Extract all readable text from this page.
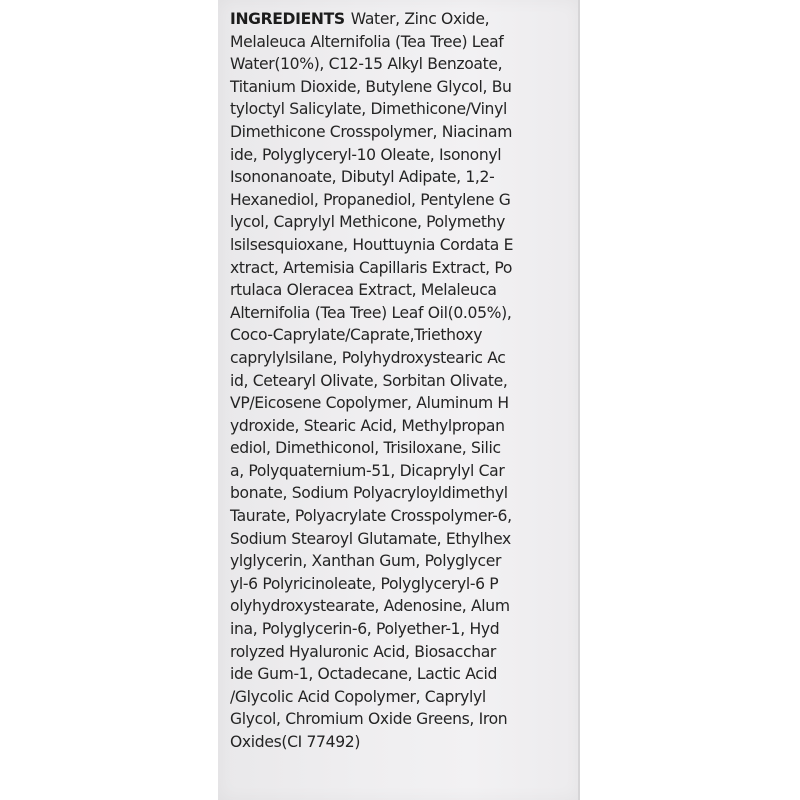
INGREDIENTS Water, Zinc Oxide,
Melaleuca Alternifolia (Tea Tree) Leaf
Water(10%), C12-15 Alkyl Benzoate,
Titanium Dioxide, Butylene Glycol, Bu
tyloctyl Salicylate, Dimethicone/Vinyl
Dimethicone Crosspolymer, Niacinam
ide, Polyglyceryl-10 Oleate, Isononyl
Isononanoate, Dibutyl Adipate, 1,2-
Hexanediol, Propanediol, Pentylene G
lycol, Caprylyl Methicone, Polymethy
lsilsesquioxane, Houttuynia Cordata E
xtract, Artemisia Capillaris Extract, Po
rtulaca Oleracea Extract, Melaleuca
Alternifolia (Tea Tree) Leaf Oil(0.05%),
Coco-Caprylate/Caprate,Triethoxy
caprylylsilane, Polyhydroxystearic Ac
id, Cetearyl Olivate, Sorbitan Olivate,
VP/Eicosene Copolymer, Aluminum H
ydroxide, Stearic Acid, Methylpropan
ediol, Dimethiconol, Trisiloxane, Silic
a, Polyquaternium-51, Dicaprylyl Car
bonate, Sodium Polyacryloyldimethyl
Taurate, Polyacrylate Crosspolymer-6,
Sodium Stearoyl Glutamate, Ethylhex
ylglycerin, Xanthan Gum, Polyglycer
yl-6 Polyricinoleate, Polyglyceryl-6 P
olyhydroxystearate, Adenosine, Alum
ina, Polyglycerin-6, Polyether-1, Hyd
rolyzed Hyaluronic Acid, Biosacchar
ide Gum-1, Octadecane, Lactic Acid
/Glycolic Acid Copolymer, Caprylyl
Glycol, Chromium Oxide Greens, Iron
Oxides(CI 77492)
